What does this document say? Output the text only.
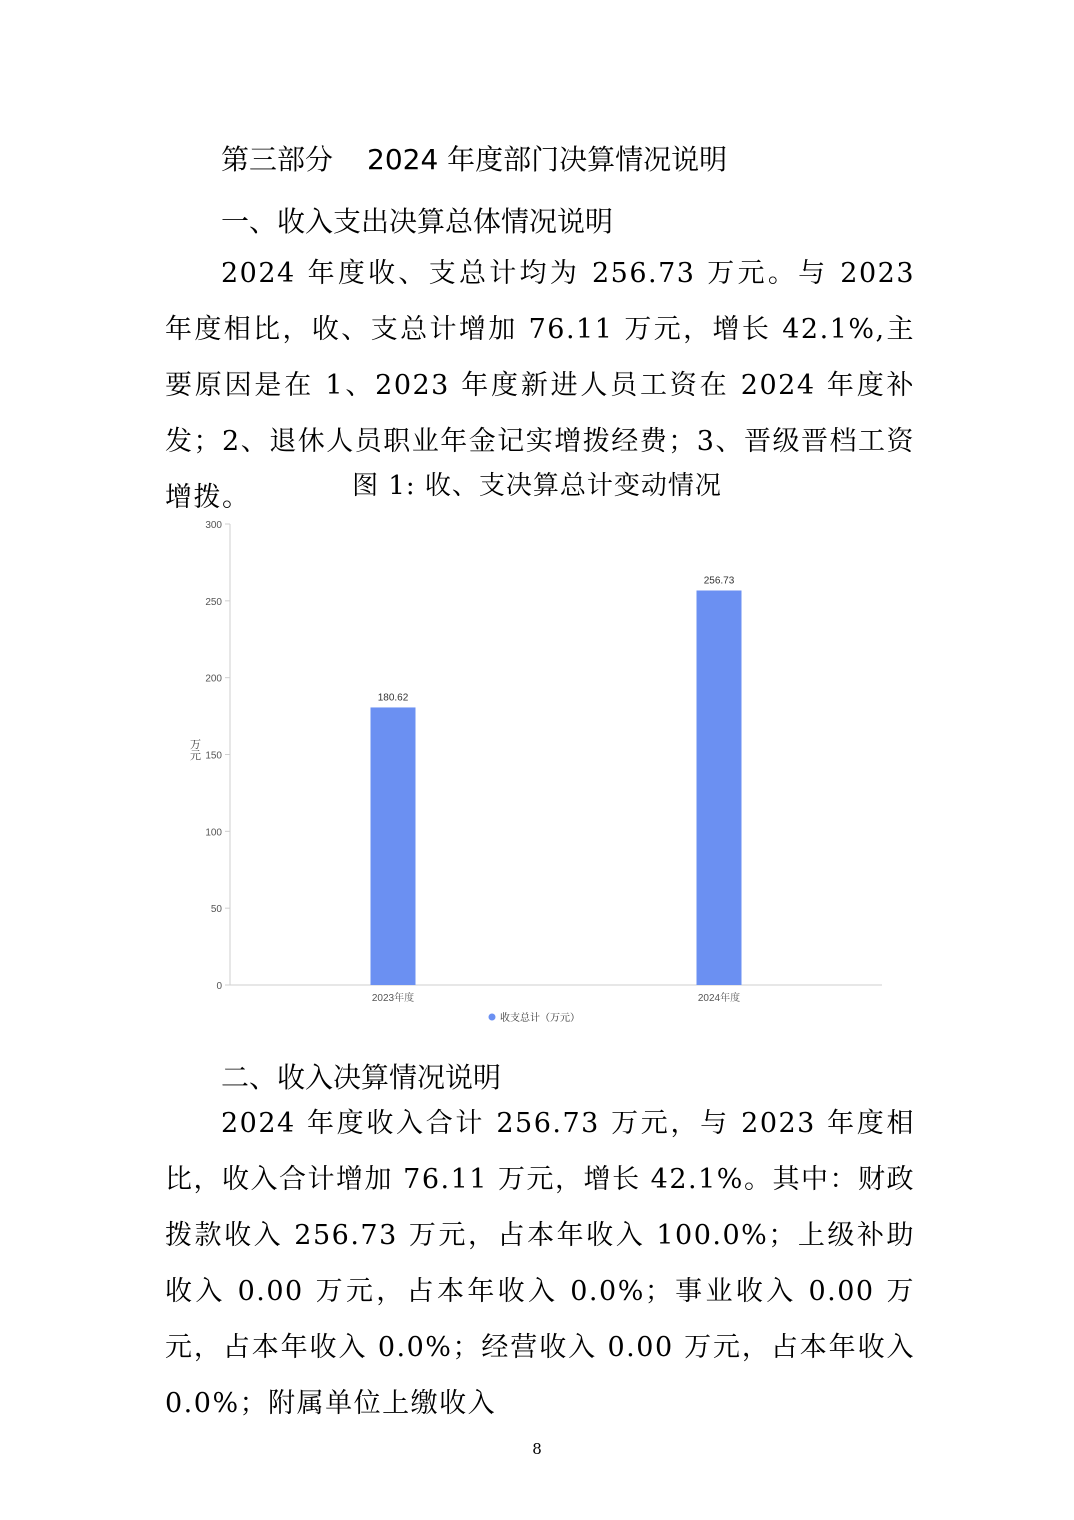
第三部分 2024 年度部门决算情况说明
一、收入支出决算总体情况说明

2024 年度收、支总计均为 256.73 万元。与 2023 年度相比，收、支总计增加 76.11 万元，增长 42.1%,主要原因是在 1、2023 年度新进人员工资在 2024 年度补发；2、退休人员职业年金记实增拨经费；3、晋级晋档工资增拨。	图 1: 收、支决算总计变动情况
0
50
100
150
200
250
300
180.62
256.73
2023年度	2024年度
万元
收支总计（万元）
二、收入决算情况说明

2024 年度收入合计 256.73 万元，与 2023 年度相比，收入合计增加 76.11 万元，增长 42.1%。其中：财政拨款收入 256.73 万元，占本年收入 100.0%；上级补助收入 0.00 万元，占本年收入 0.0%；事业收入 0.00 万元，占本年收入 0.0%；经营收入 0.00 万元，占本年收入 0.0%；附属单位上缴收入

8
